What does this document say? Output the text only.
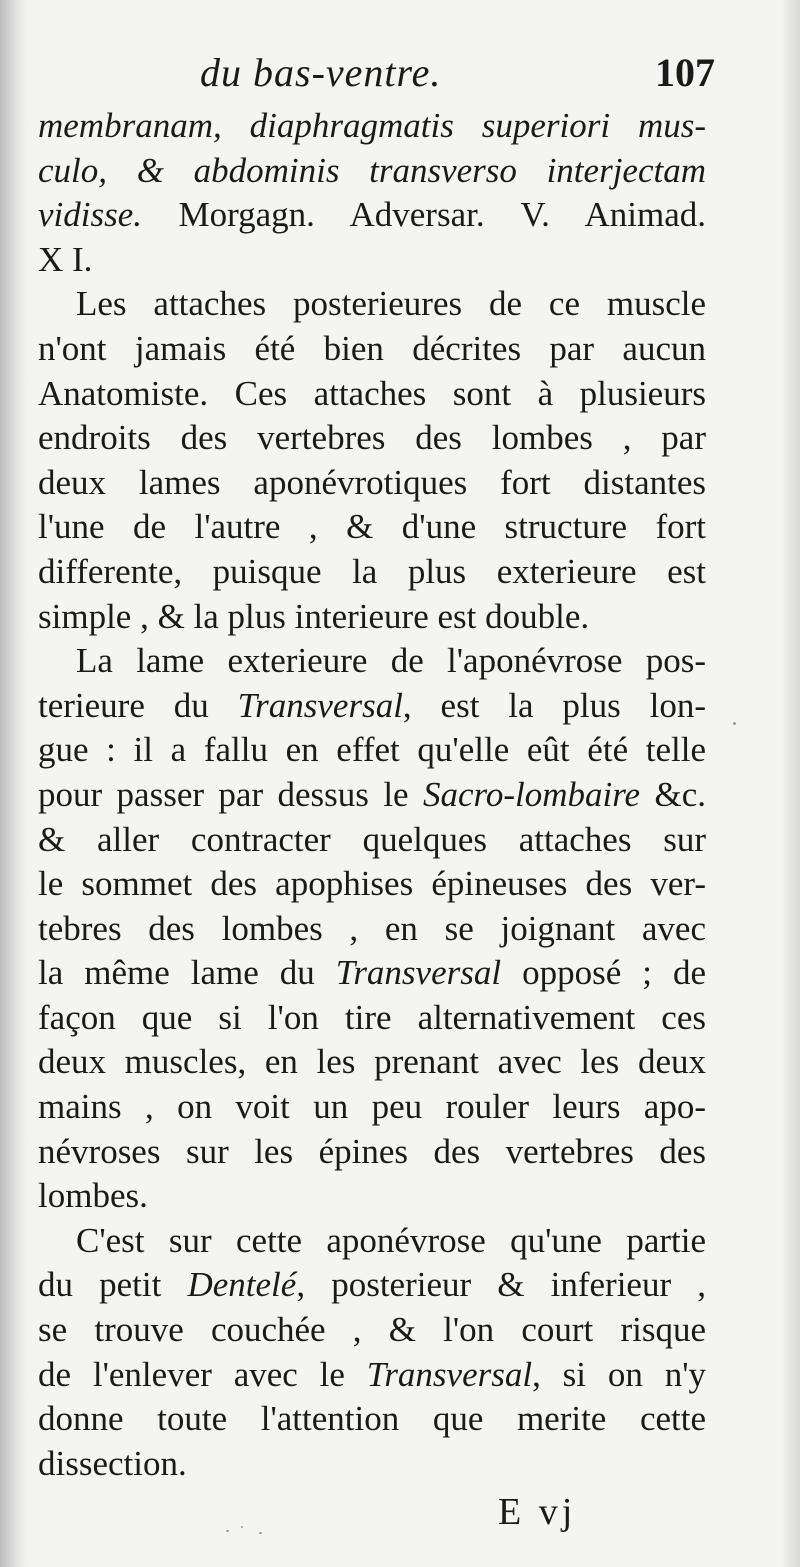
du bas-ventre.	107
membranam, diaphragmatis superiori mus-
culo, & abdominis transverso interjectam
vidisse. Morgagn. Adversar. V. Animad.
X I.
Les attaches posterieures de ce muscle
n'ont jamais été bien décrites par aucun
Anatomiste. Ces attaches sont à plusieurs
endroits des vertebres des lombes , par
deux lames aponévrotiques fort distantes
l'une de l'autre , & d'une structure fort
differente, puisque la plus exterieure est
simple , & la plus interieure est double.
La lame exterieure de l'aponévrose pos-
terieure du Transversal, est la plus lon-
gue : il a fallu en effet qu'elle eût été telle
pour passer par dessus le Sacro-lombaire &c.
& aller contracter quelques attaches sur
le sommet des apophises épineuses des ver-
tebres des lombes , en se joignant avec
la même lame du Transversal opposé ; de
façon que si l'on tire alternativement ces
deux muscles, en les prenant avec les deux
mains , on voit un peu rouler leurs apo-
névroses sur les épines des vertebres des
lombes.
C'est sur cette aponévrose qu'une partie
du petit Dentelé, posterieur & inferieur ,
se trouve couchée , & l'on court risque
de l'enlever avec le Transversal, si on n'y
donne toute l'attention que merite cette
dissection.
E vj
